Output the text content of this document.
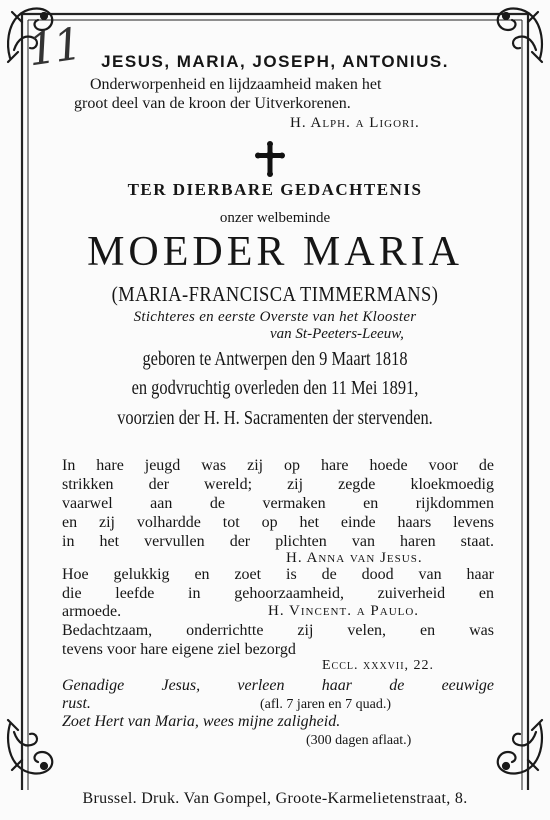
11	JESUS, MARIA, JOSEPH, ANTONIUS.
Onderworpenheid en lijdzaamheid maken het
groot deel van de kroon der Uitverkorenen.
H. Alph. a Ligori.
TER DIERBARE GEDACHTENIS
onzer welbeminde
MOEDER MARIA
(MARIA-FRANCISCA TIMMERMANS)
Stichteres en eerste Overste van het Klooster
van St-Peeters-Leeuw,
geboren te Antwerpen den 9 Maart 1818
en godvruchtig overleden den 11 Mei 1891,
voorzien der H. H. Sacramenten der stervenden.
In hare jeugd was zij op hare hoede voor de
strikken der wereld; zij zegde kloekmoedig
vaarwel aan de vermaken en rijkdommen
en zij volhardde tot op het einde haars levens
in het vervullen der plichten van haren staat.
H. Anna van Jesus.
Hoe gelukkig en zoet is de dood van haar
die leefde in gehoorzaamheid, zuiverheid en
armoede.	H. Vincent. a Paulo.
Bedachtzaam, onderrichtte zij velen, en was
tevens voor hare eigene ziel bezorgd
Eccl. xxxvii, 22.
Genadige Jesus, verleen haar de eeuwige
rust.	(afl. 7 jaren en 7 quad.)
Zoet Hert van Maria, wees mijne zaligheid.
(300 dagen aflaat.)
Brussel. Druk. Van Gompel, Groote-Karmelietenstraat, 8.
